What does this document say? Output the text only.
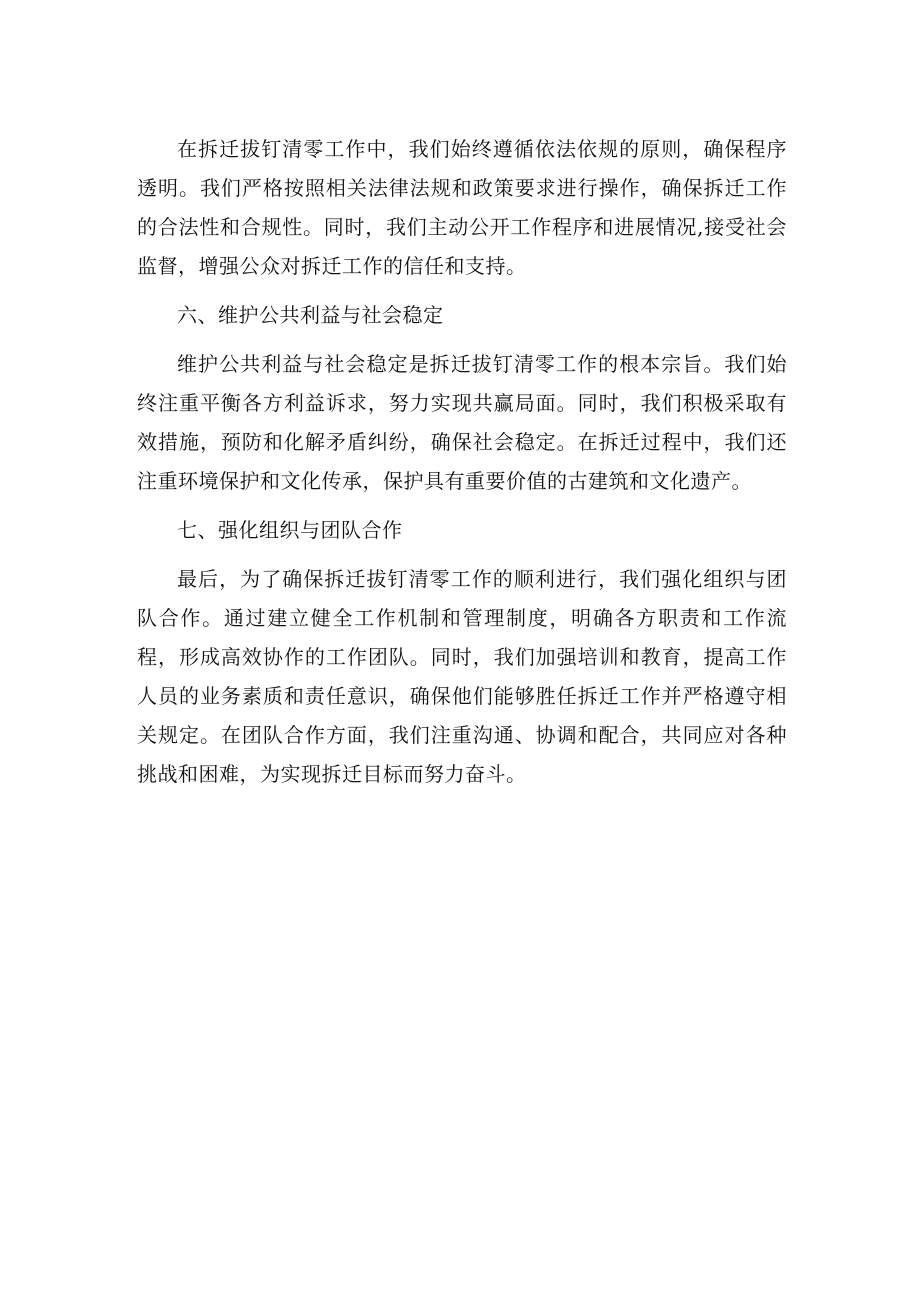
在拆迁拔钉清零工作中，我们始终遵循依法依规的原则，确保程序透明。我们严格按照相关法律法规和政策要求进行操作，确保拆迁工作的合法性和合规性。同时，我们主动公开工作程序和进展情况,接受社会监督，增强公众对拆迁工作的信任和支持。

六、维护公共利益与社会稳定

维护公共利益与社会稳定是拆迁拔钉清零工作的根本宗旨。我们始终注重平衡各方利益诉求，努力实现共赢局面。同时，我们积极采取有效措施，预防和化解矛盾纠纷，确保社会稳定。在拆迁过程中，我们还注重环境保护和文化传承，保护具有重要价值的古建筑和文化遗产。

七、强化组织与团队合作

最后，为了确保拆迁拔钉清零工作的顺利进行，我们强化组织与团队合作。通过建立健全工作机制和管理制度，明确各方职责和工作流程，形成高效协作的工作团队。同时，我们加强培训和教育，提高工作人员的业务素质和责任意识，确保他们能够胜任拆迁工作并严格遵守相关规定。在团队合作方面，我们注重沟通、协调和配合，共同应对各种挑战和困难，为实现拆迁目标而努力奋斗。
